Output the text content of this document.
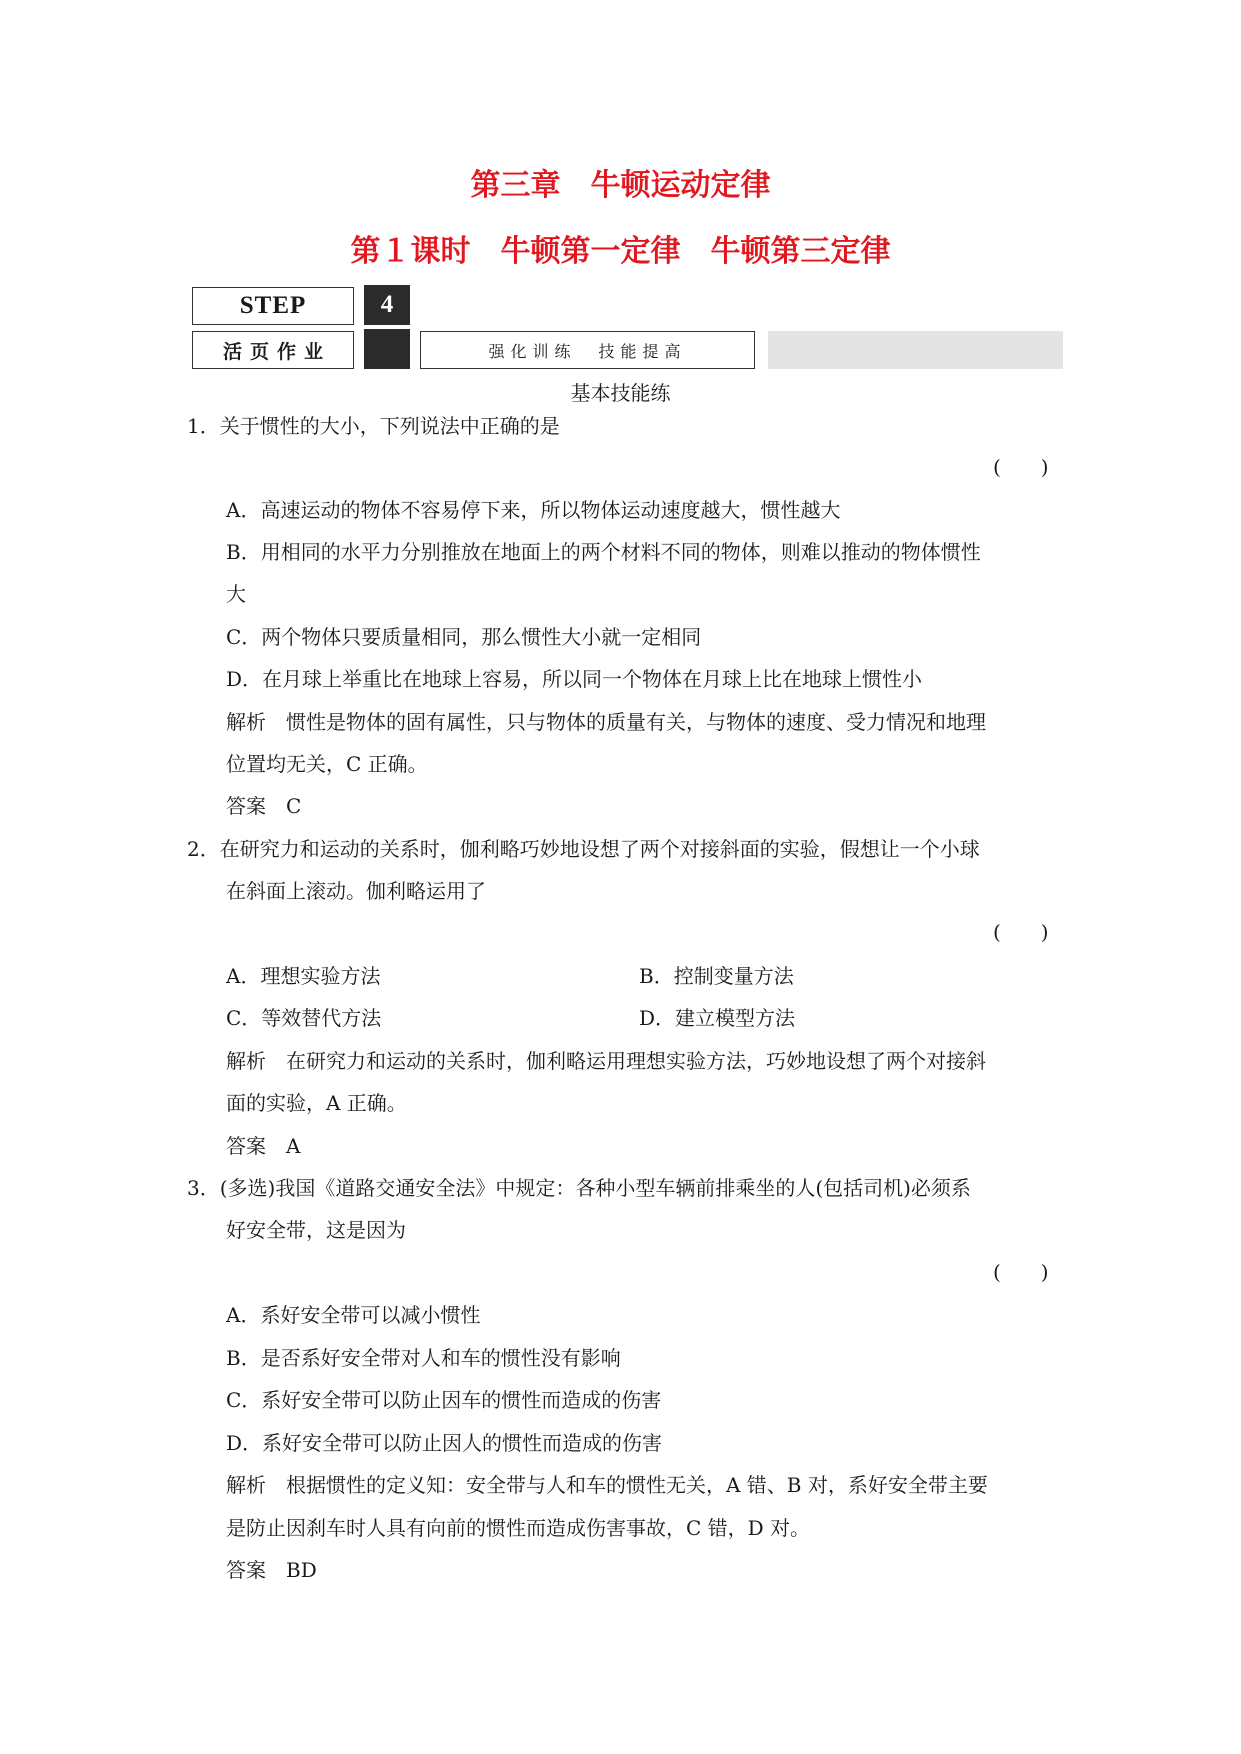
第三章　牛顿运动定律
第１课时　牛顿第一定律　牛顿第三定律
STEP	4
活页作业	强化训练　技能提高
基本技能练
1．关于惯性的大小，下列说法中正确的是
(　　)
A．高速运动的物体不容易停下来，所以物体运动速度越大，惯性越大
B．用相同的水平力分别推放在地面上的两个材料不同的物体，则难以推动的物体惯性
大
C．两个物体只要质量相同，那么惯性大小就一定相同
D．在月球上举重比在地球上容易，所以同一个物体在月球上比在地球上惯性小
解析　惯性是物体的固有属性，只与物体的质量有关，与物体的速度、受力情况和地理
位置均无关，C 正确。
答案　C
2．在研究力和运动的关系时，伽利略巧妙地设想了两个对接斜面的实验，假想让一个小球
在斜面上滚动。伽利略运用了
(　　)
A．理想实验方法	B．控制变量方法
C．等效替代方法	D．建立模型方法
解析　在研究力和运动的关系时，伽利略运用理想实验方法，巧妙地设想了两个对接斜
面的实验，A 正确。
答案　A
3．(多选)我国《道路交通安全法》中规定：各种小型车辆前排乘坐的人(包括司机)必须系
好安全带，这是因为
(　　)
A．系好安全带可以减小惯性
B．是否系好安全带对人和车的惯性没有影响
C．系好安全带可以防止因车的惯性而造成的伤害
D．系好安全带可以防止因人的惯性而造成的伤害
解析　根据惯性的定义知：安全带与人和车的惯性无关，A 错、B 对，系好安全带主要
是防止因刹车时人具有向前的惯性而造成伤害事故，C 错，D 对。
答案　BD
